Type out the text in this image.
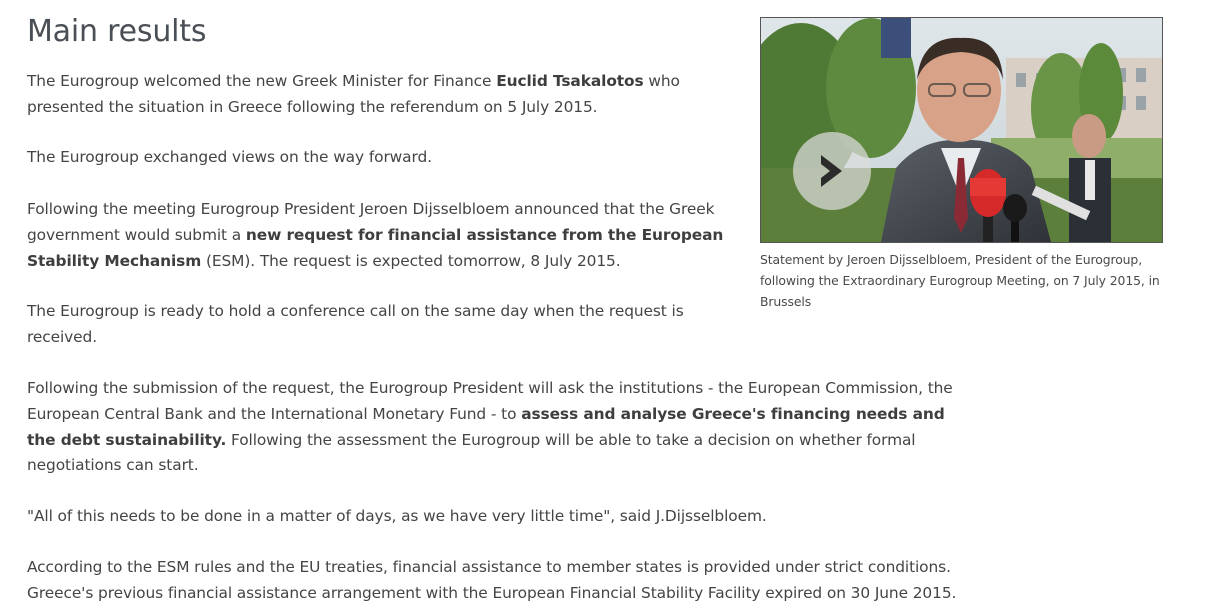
Main results

The Eurogroup welcomed the new Greek Minister for Finance Euclid Tsakalotos who presented the situation in Greece following the referendum on 5 July 2015.

The Eurogroup exchanged views on the way forward.

Following the meeting Eurogroup President Jeroen Dijsselbloem announced that the Greek government would submit a new request for financial assistance from the European Stability Mechanism (ESM). The request is expected tomorrow, 8 July 2015.

The Eurogroup is ready to hold a conference call on the same day when the request is received.

Following the submission of the request, the Eurogroup President will ask the institutions - the European Commission, the European Central Bank and the International Monetary Fund - to assess and analyse Greece's financing needs and the debt sustainability. Following the assessment the Eurogroup will be able to take a decision on whether formal negotiations can start.

"All of this needs to be done in a matter of days, as we have very little time", said J.Dijsselbloem.

According to the ESM rules and the EU treaties, financial assistance to member states is provided under strict conditions. Greece's previous financial assistance arrangement with the European Financial Stability Facility expired on 30 June 2015.

Statement by Jeroen Dijsselbloem, President of the Eurogroup, following the Extraordinary Eurogroup Meeting, on 7 July 2015, in Brussels
